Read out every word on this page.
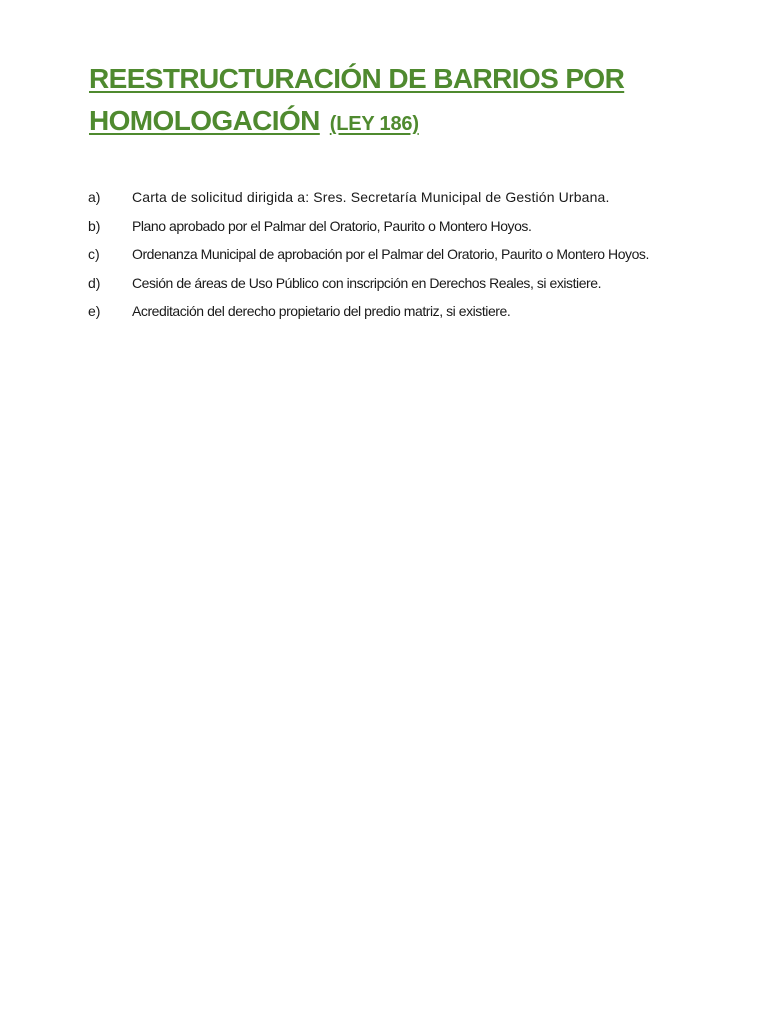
REESTRUCTURACIÓN DE BARRIOS POR
HOMOLOGACIÓN (LEY 186)
a)	Carta de solicitud dirigida a: Sres. Secretaría Municipal de Gestión Urbana.
b)	Plano aprobado por el Palmar del Oratorio, Paurito o Montero Hoyos.
c)	Ordenanza Municipal de aprobación por el Palmar del Oratorio, Paurito o Montero Hoyos.
d)	Cesión de áreas de Uso Público con inscripción en Derechos Reales, si existiere.
e)	Acreditación del derecho propietario del predio matriz, si existiere.
